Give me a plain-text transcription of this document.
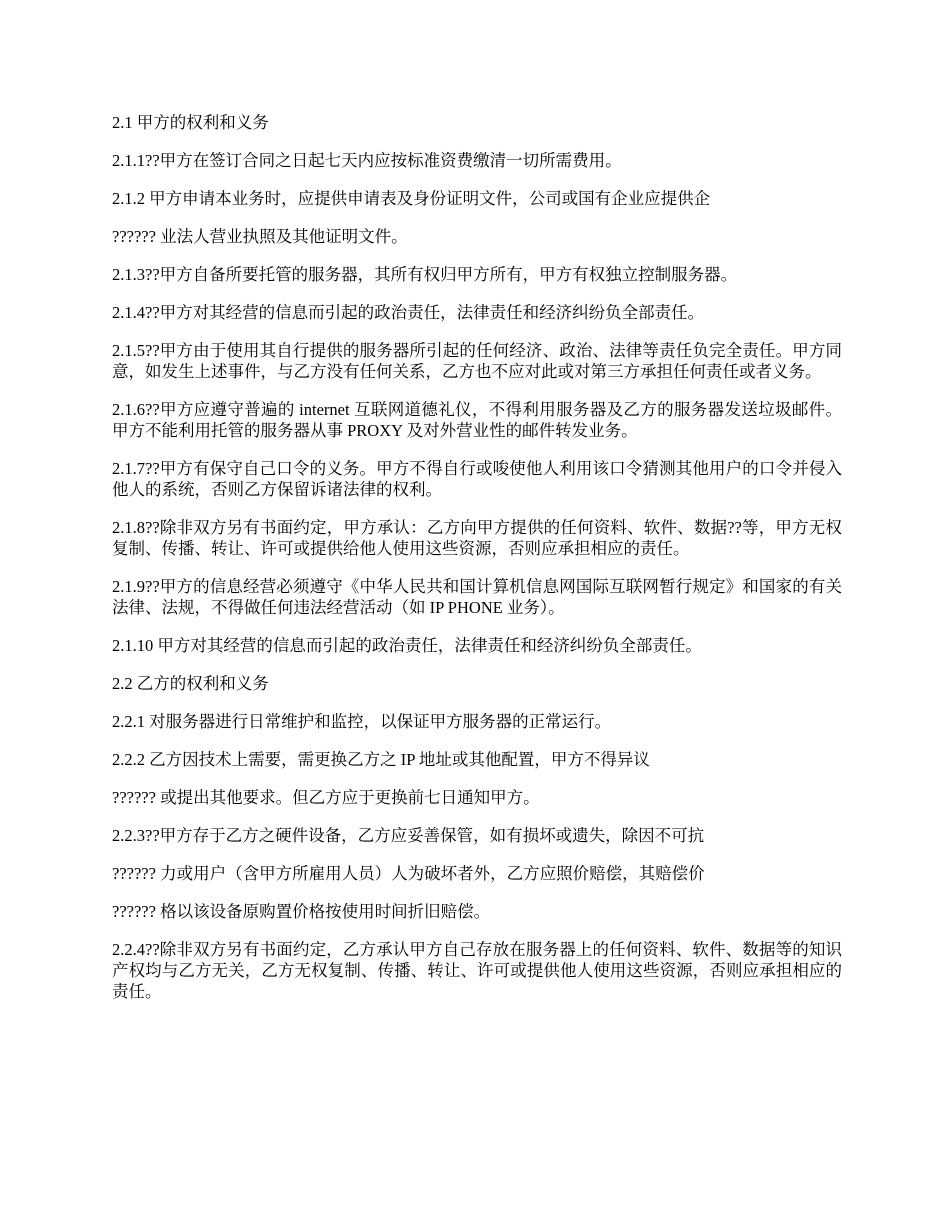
2.1 甲方的权利和义务

2.1.1??甲方在签订合同之日起七天内应按标准资费缴清一切所需费用。

2.1.2 甲方申请本业务时，应提供申请表及身份证明文件，公司或国有企业应提供企

?????? 业法人营业执照及其他证明文件。

2.1.3??甲方自备所要托管的服务器，其所有权归甲方所有，甲方有权独立控制服务器。

2.1.4??甲方对其经营的信息而引起的政治责任，法律责任和经济纠纷负全部责任。

2.1.5??甲方由于使用其自行提供的服务器所引起的任何经济、政治、法律等责任负完全责任。甲方同意，如发生上述事件，与乙方没有任何关系，乙方也不应对此或对第三方承担任何责任或者义务。

2.1.6??甲方应遵守普遍的 internet 互联网道德礼仪，不得利用服务器及乙方的服务器发送垃圾邮件。甲方不能利用托管的服务器从事 PROXY 及对外营业性的邮件转发业务。

2.1.7??甲方有保守自己口令的义务。甲方不得自行或唆使他人利用该口令猜测其他用户的口令并侵入他人的系统，否则乙方保留诉诸法律的权利。

2.1.8??除非双方另有书面约定，甲方承认：乙方向甲方提供的任何资料、软件、数据??等，甲方无权复制、传播、转让、许可或提供给他人使用这些资源，否则应承担相应的责任。

2.1.9??甲方的信息经营必须遵守《中华人民共和国计算机信息网国际互联网暂行规定》和国家的有关法律、法规，不得做任何违法经营活动（如 IP PHONE 业务）。

2.1.10 甲方对其经营的信息而引起的政治责任，法律责任和经济纠纷负全部责任。

2.2 乙方的权利和义务

2.2.1 对服务器进行日常维护和监控，以保证甲方服务器的正常运行。

2.2.2 乙方因技术上需要，需更换乙方之 IP 地址或其他配置，甲方不得异议

?????? 或提出其他要求。但乙方应于更换前七日通知甲方。

2.2.3??甲方存于乙方之硬件设备，乙方应妥善保管，如有损坏或遗失，除因不可抗

?????? 力或用户（含甲方所雇用人员）人为破坏者外，乙方应照价赔偿，其赔偿价

?????? 格以该设备原购置价格按使用时间折旧赔偿。

2.2.4??除非双方另有书面约定，乙方承认甲方自己存放在服务器上的任何资料、软件、数据等的知识产权均与乙方无关，乙方无权复制、传播、转让、许可或提供他人使用这些资源，否则应承担相应的责任。
